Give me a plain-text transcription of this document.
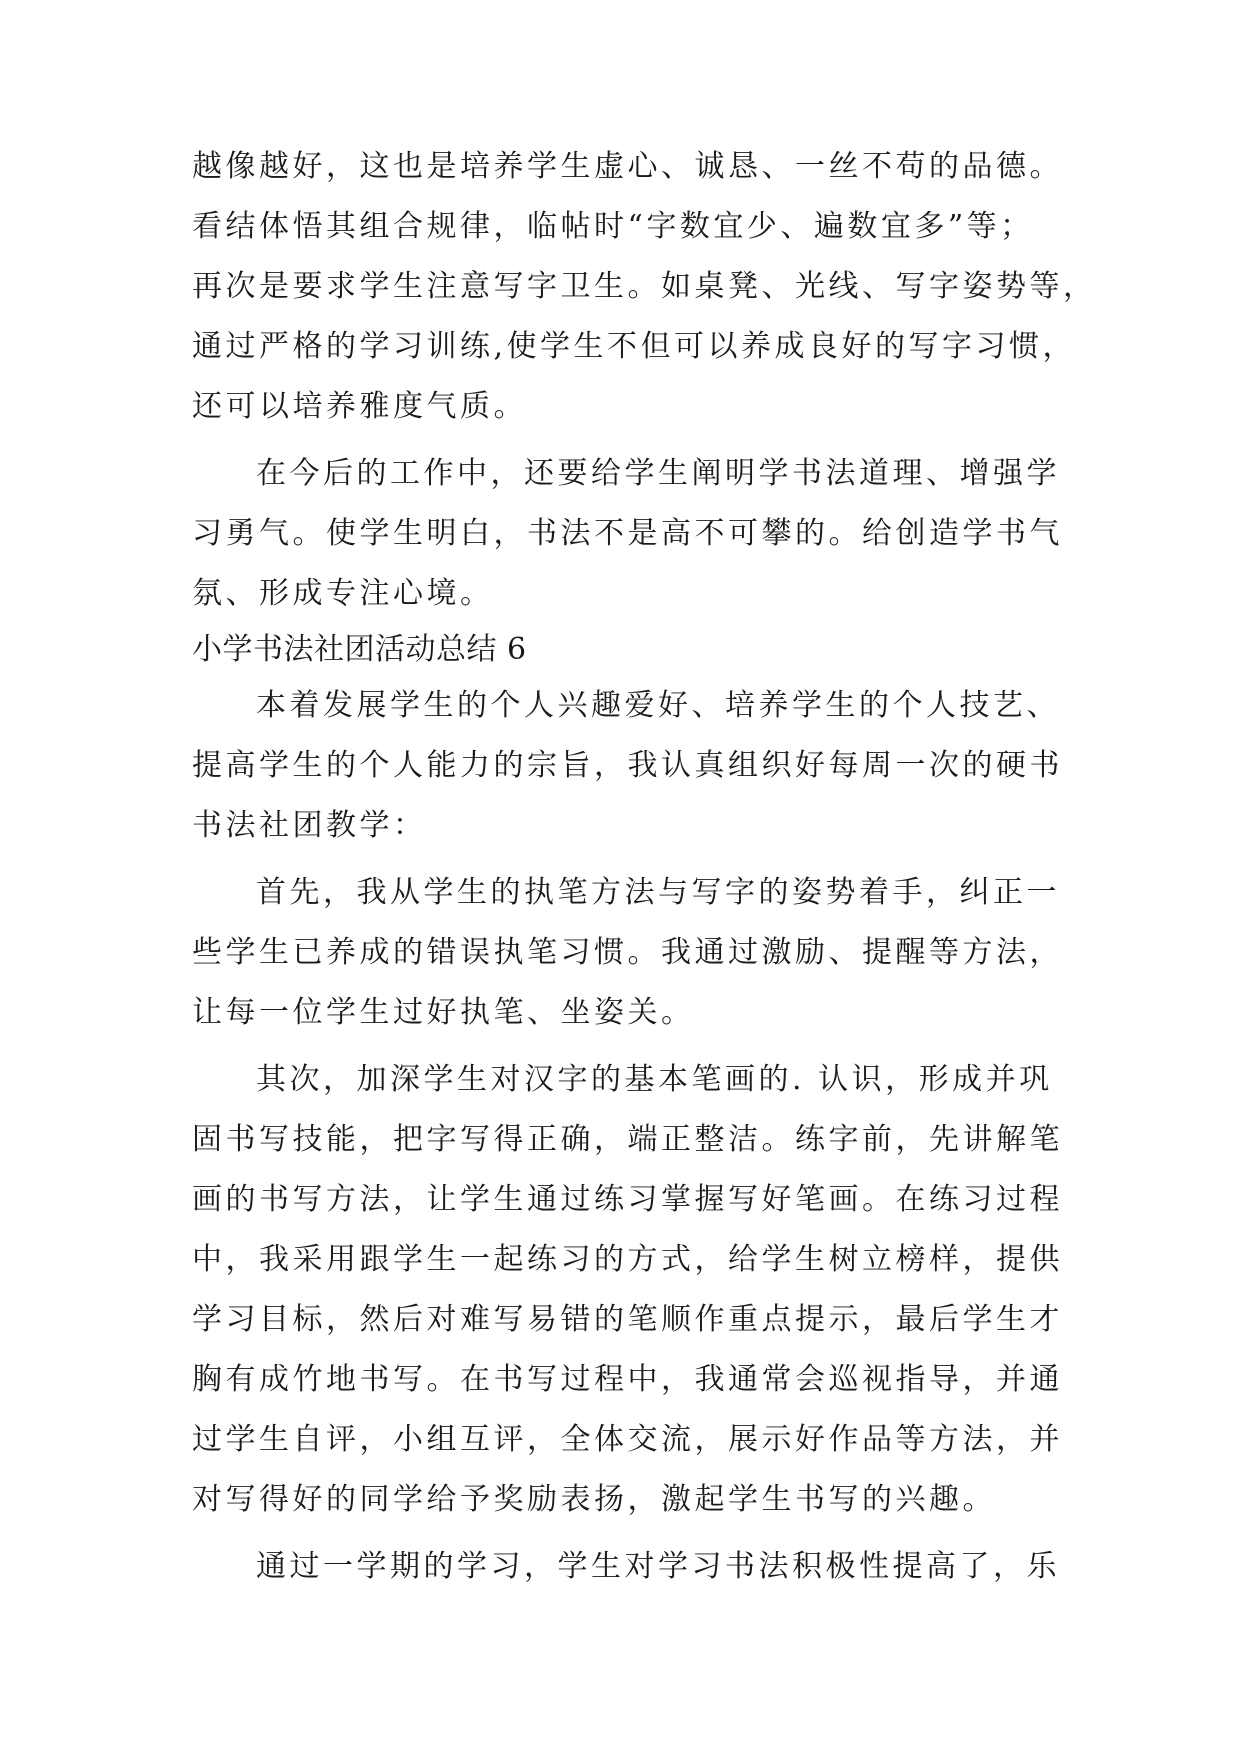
越像越好，这也是培养学生虚心、诚恳、一丝不苟的品德。
看结体悟其组合规律，临帖时“字数宜少、遍数宜多”等；
再次是要求学生注意写字卫生。如桌凳、光线、写字姿势等，
通过严格的学习训练,使学生不但可以养成良好的写字习惯，
还可以培养雅度气质。
在今后的工作中，还要给学生阐明学书法道理、增强学
习勇气。使学生明白，书法不是高不可攀的。给创造学书气
氛、形成专注心境。
小学书法社团活动总结 6
本着发展学生的个人兴趣爱好、培养学生的个人技艺、
提高学生的个人能力的宗旨，我认真组织好每周一次的硬书
书法社团教学：
首先，我从学生的执笔方法与写字的姿势着手，纠正一
些学生已养成的错误执笔习惯。我通过激励、提醒等方法，
让每一位学生过好执笔、坐姿关。
其次，加深学生对汉字的基本笔画的. 认识，形成并巩
固书写技能，把字写得正确，端正整洁。练字前，先讲解笔
画的书写方法，让学生通过练习掌握写好笔画。在练习过程
中，我采用跟学生一起练习的方式，给学生树立榜样，提供
学习目标，然后对难写易错的笔顺作重点提示，最后学生才
胸有成竹地书写。在书写过程中，我通常会巡视指导，并通
过学生自评，小组互评，全体交流，展示好作品等方法，并
对写得好的同学给予奖励表扬，激起学生书写的兴趣。
通过一学期的学习，学生对学习书法积极性提高了，乐
